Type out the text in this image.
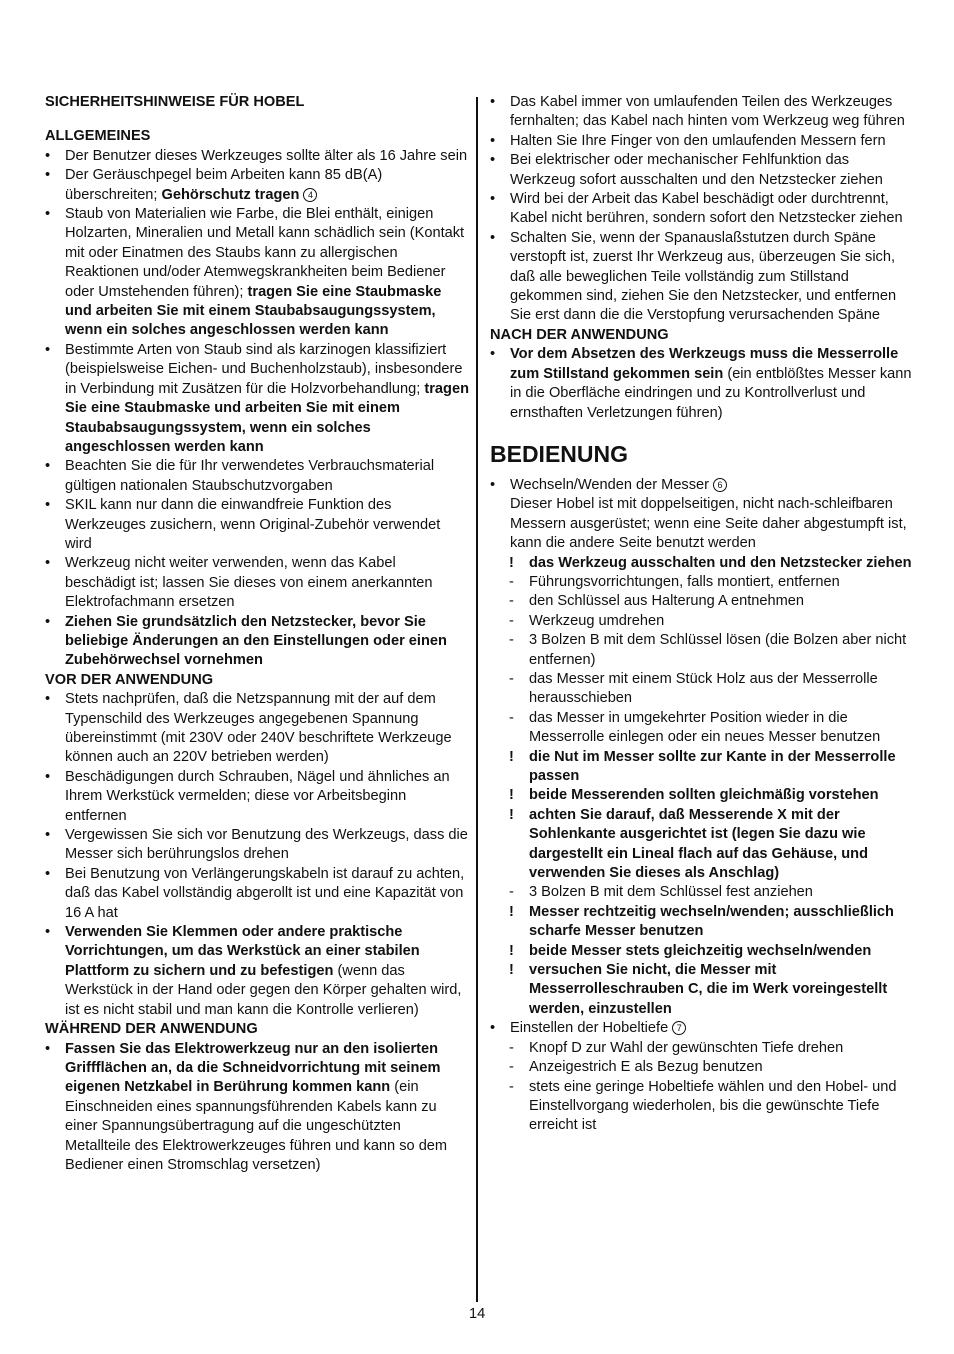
SICHERHEITSHINWEISE FÜR HOBEL
ALLGEMEINES
• Der Benutzer dieses Werkzeuges sollte älter als 16 Jahre sein
• Der Geräuschpegel beim Arbeiten kann 85 dB(A) überschreiten; Gehörschutz tragen 4
• Staub von Materialien wie Farbe, die Blei enthält, einigen Holzarten, Mineralien und Metall kann schädlich sein (Kontakt mit oder Einatmen des Staubs kann zu allergischen Reaktionen und/oder Atemwegskrankheiten beim Bediener oder Umstehenden führen); tragen Sie eine Staubmaske und arbeiten Sie mit einem Staubabsaugungssystem, wenn ein solches angeschlossen werden kann
• Bestimmte Arten von Staub sind als karzinogen klassifiziert (beispielsweise Eichen- und Buchenholzstaub), insbesondere in Verbindung mit Zusätzen für die Holzvorbehandlung; tragen Sie eine Staubmaske und arbeiten Sie mit einem Staubabsaugungssystem, wenn ein solches angeschlossen werden kann
• Beachten Sie die für Ihr verwendetes Verbrauchsmaterial gültigen nationalen Staubschutzvorgaben
• SKIL kann nur dann die einwandfreie Funktion des Werkzeuges zusichern, wenn Original-Zubehör verwendet wird
• Werkzeug nicht weiter verwenden, wenn das Kabel beschädigt ist; lassen Sie dieses von einem anerkannten Elektrofachmann ersetzen
• Ziehen Sie grundsätzlich den Netzstecker, bevor Sie beliebige Änderungen an den Einstellungen oder einen Zubehörwechsel vornehmen
VOR DER ANWENDUNG
• Stets nachprüfen, daß die Netzspannung mit der auf dem Typenschild des Werkzeuges angegebenen Spannung übereinstimmt (mit 230V oder 240V beschriftete Werkzeuge können auch an 220V betrieben werden)
• Beschädigungen durch Schrauben, Nägel und ähnliches an Ihrem Werkstück vermelden; diese vor Arbeitsbeginn entfernen
• Vergewissen Sie sich vor Benutzung des Werkzeugs, dass die Messer sich berührungslos drehen
• Bei Benutzung von Verlängerungskabeln ist darauf zu achten, daß das Kabel vollständig abgerollt ist und eine Kapazität von 16 A hat
• Verwenden Sie Klemmen oder andere praktische Vorrichtungen, um das Werkstück an einer stabilen Plattform zu sichern und zu befestigen (wenn das Werkstück in der Hand oder gegen den Körper gehalten wird, ist es nicht stabil und man kann die Kontrolle verlieren)
WÄHREND DER ANWENDUNG
• Fassen Sie das Elektrowerkzeug nur an den isolierten Griffflächen an, da die Schneidvorrichtung mit seinem eigenen Netzkabel in Berührung kommen kann (ein Einschneiden eines spannungsführenden Kabels kann zu einer Spannungsübertragung auf die ungeschützten Metallteile des Elektrowerkzeuges führen und kann so dem Bediener einen Stromschlag versetzen)
• Das Kabel immer von umlaufenden Teilen des Werkzeuges fernhalten; das Kabel nach hinten vom Werkzeug weg führen
• Halten Sie Ihre Finger von den umlaufenden Messern fern
• Bei elektrischer oder mechanischer Fehlfunktion das Werkzeug sofort ausschalten und den Netzstecker ziehen
• Wird bei der Arbeit das Kabel beschädigt oder durchtrennt, Kabel nicht berühren, sondern sofort den Netzstecker ziehen
• Schalten Sie, wenn der Spanauslaßstutzen durch Späne verstopft ist, zuerst Ihr Werkzeug aus, überzeugen Sie sich, daß alle beweglichen Teile vollständig zum Stillstand gekommen sind, ziehen Sie den Netzstecker, und entfernen Sie erst dann die die Verstopfung verursachenden Späne
NACH DER ANWENDUNG
• Vor dem Absetzen des Werkzeugs muss die Messerrolle zum Stillstand gekommen sein (ein entblößtes Messer kann in die Oberfläche eindringen und zu Kontrollverlust und ernsthaften Verletzungen führen)
BEDIENUNG
• Wechseln/Wenden der Messer 6
Dieser Hobel ist mit doppelseitigen, nicht nach-schleifbaren Messern ausgerüstet; wenn eine Seite daher abgestumpft ist, kann die andere Seite benutzt werden
! das Werkzeug ausschalten und den Netzstecker ziehen
- Führungsvorrichtungen, falls montiert, entfernen
- den Schlüssel aus Halterung A entnehmen
- Werkzeug umdrehen
- 3 Bolzen B mit dem Schlüssel lösen (die Bolzen aber nicht entfernen)
- das Messer mit einem Stück Holz aus der Messerrolle herausschieben
- das Messer in umgekehrter Position wieder in die Messerrolle einlegen oder ein neues Messer benutzen
! die Nut im Messer sollte zur Kante in der Messerrolle passen
! beide Messerenden sollten gleichmäßig vorstehen
! achten Sie darauf, daß Messerende X mit der Sohlenkante ausgerichtet ist (legen Sie dazu wie dargestellt ein Lineal flach auf das Gehäuse, und verwenden Sie dieses als Anschlag)
- 3 Bolzen B mit dem Schlüssel fest anziehen
! Messer rechtzeitig wechseln/wenden; ausschließlich scharfe Messer benutzen
! beide Messer stets gleichzeitig wechseln/wenden
! versuchen Sie nicht, die Messer mit Messerrolleschrauben C, die im Werk voreingestellt werden, einzustellen
• Einstellen der Hobeltiefe 7
- Knopf D zur Wahl der gewünschten Tiefe drehen
- Anzeigestrich E als Bezug benutzen
- stets eine geringe Hobeltiefe wählen und den Hobel- und Einstellvorgang wiederholen, bis die gewünschte Tiefe erreicht ist
14
